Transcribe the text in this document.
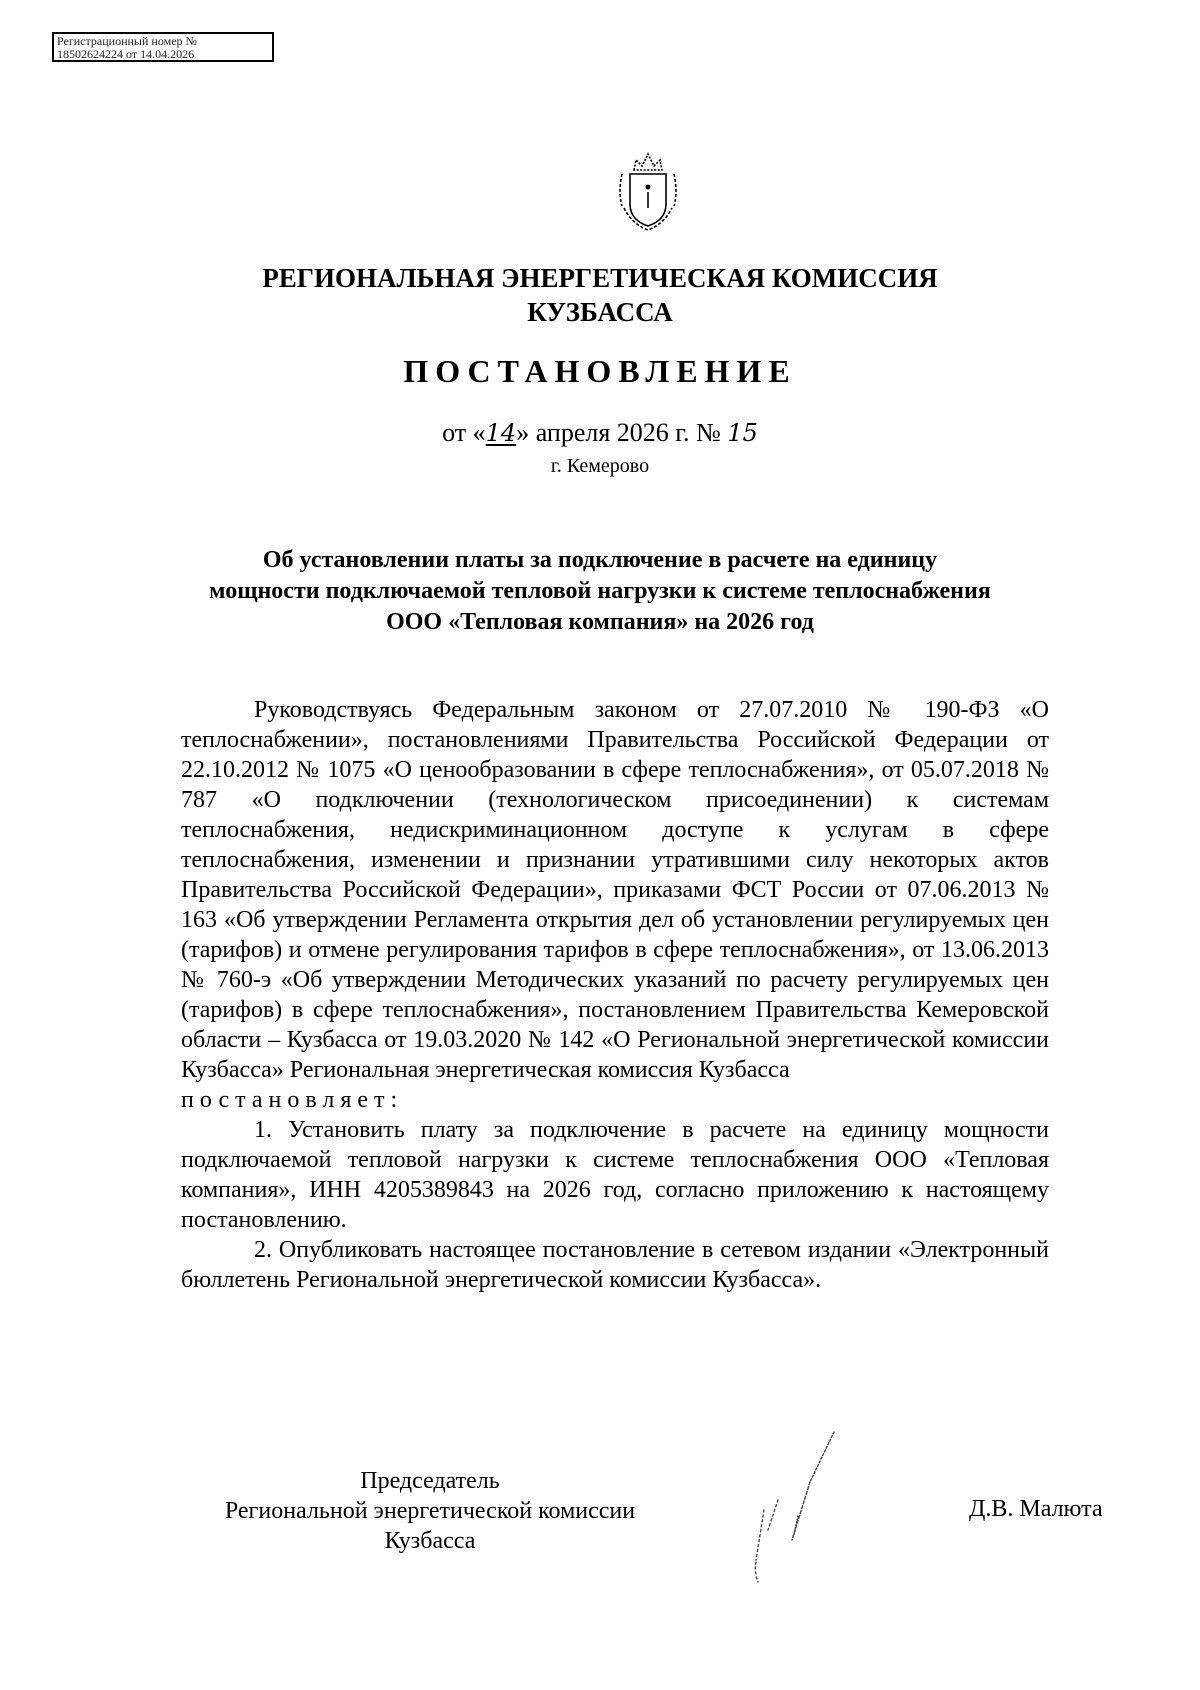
Регистрационный номер №
18502624224 от 14.04.2026
РЕГИОНАЛЬНАЯ ЭНЕРГЕТИЧЕСКАЯ КОМИССИЯ
КУЗБАССА
ПОСТАНОВЛЕНИЕ
от «14» апреля 2026 г. № 15
г. Кемерово
Об установлении платы за подключение в расчете на единицу
мощности подключаемой тепловой нагрузки к системе теплоснабжения
ООО «Тепловая компания» на 2026 год

Руководствуясь Федеральным законом от 27.07.2010 № 190-ФЗ «О теплоснабжении», постановлениями Правительства Российской Федерации от 22.10.2012 № 1075 «О ценообразовании в сфере теплоснабжения», от 05.07.2018 № 787 «О подключении (технологическом присоединении) к системам теплоснабжения, недискриминационном доступе к услугам в сфере теплоснабжения, изменении и признании утратившими силу некоторых актов Правительства Российской Федерации», приказами ФСТ России от 07.06.2013 № 163 «Об утверждении Регламента открытия дел об установлении регулируемых цен (тарифов) и отмене регулирования тарифов в сфере теплоснабжения», от 13.06.2013 № 760-э «Об утверждении Методических указаний по расчету регулируемых цен (тарифов) в сфере теплоснабжения», постановлением Правительства Кемеровской области – Кузбасса от 19.03.2020 № 142 «О Региональной энергетической комиссии Кузбасса» Региональная энергетическая комиссия Кузбасса

постановляет:

1. Установить плату за подключение в расчете на единицу мощности подключаемой тепловой нагрузки к системе теплоснабжения ООО «Тепловая компания», ИНН 4205389843 на 2026 год, согласно приложению к настоящему постановлению.

2. Опубликовать настоящее постановление в сетевом издании «Электронный бюллетень Региональной энергетической комиссии Кузбасса».

Председатель
Региональной энергетической комиссии
Кузбасса
Д.В. Малюта
